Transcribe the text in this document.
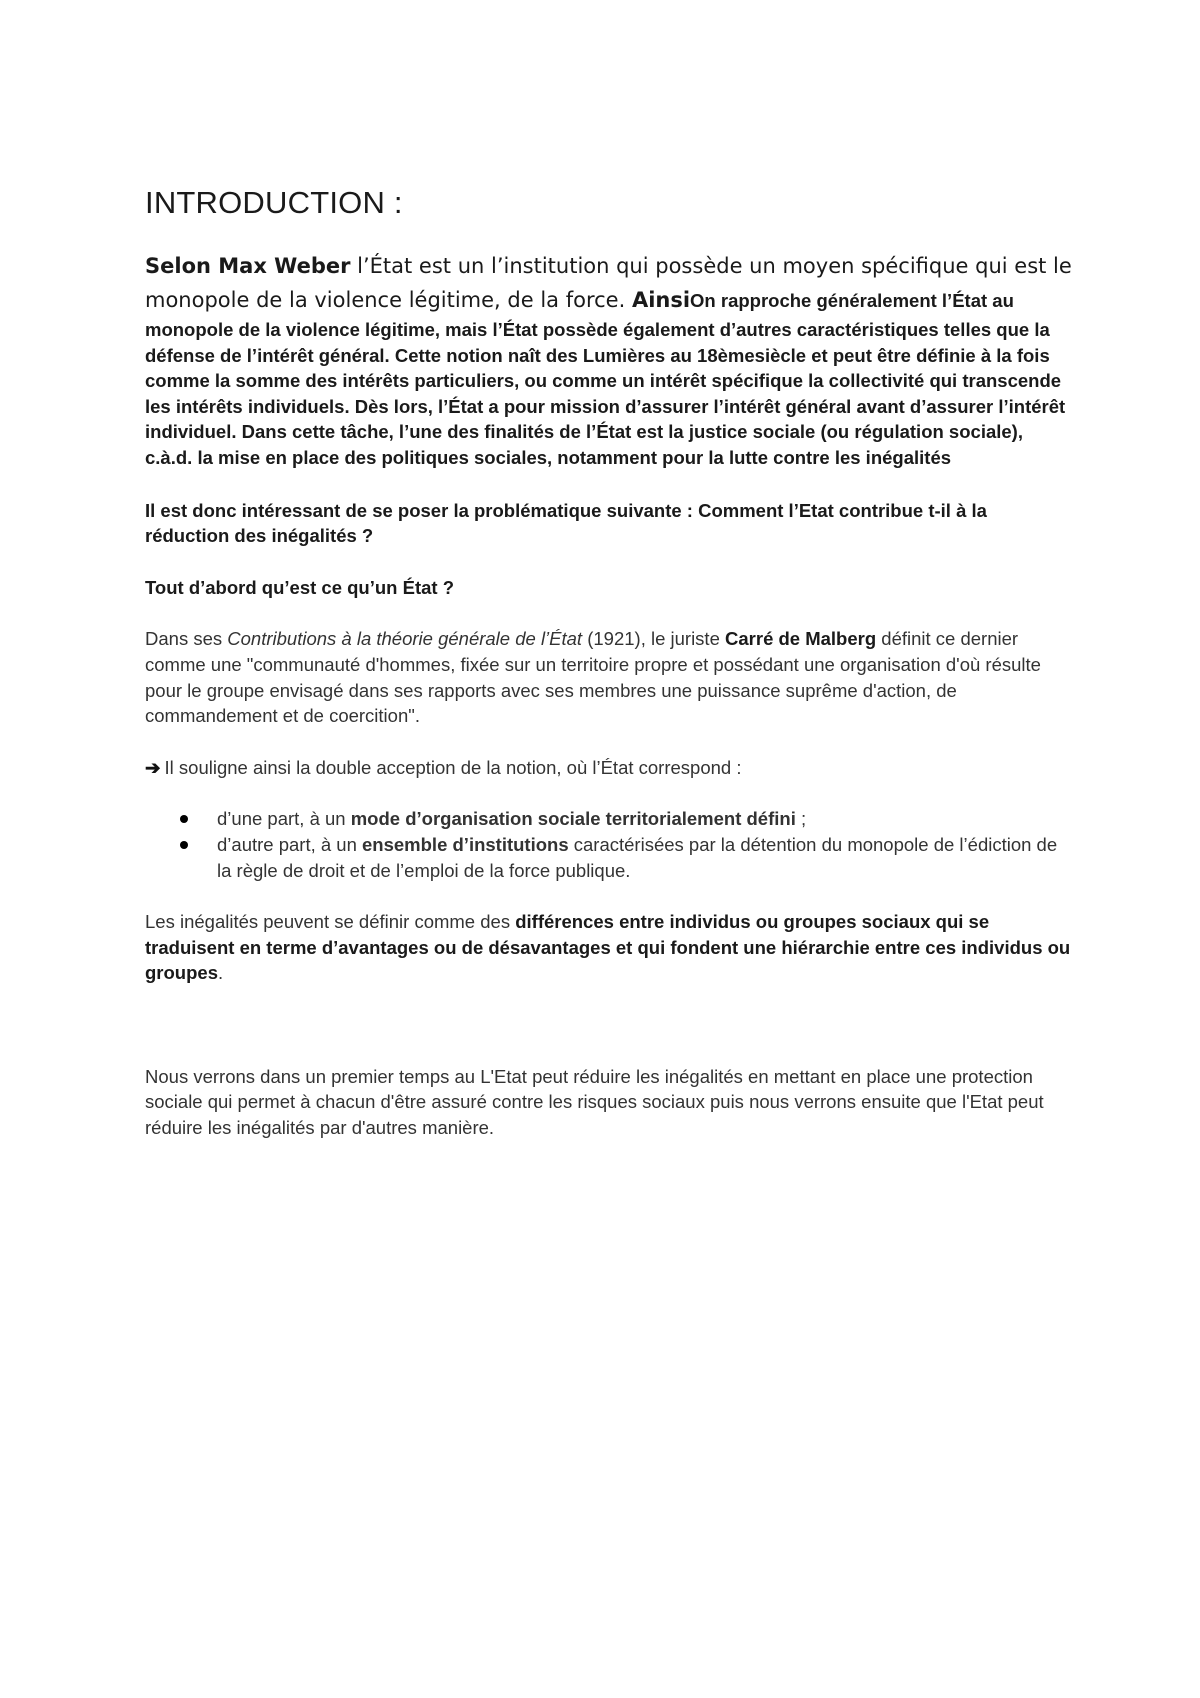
INTRODUCTION :

Selon Max Weber l’État est un l’institution qui possède un moyen spécifique qui est le monopole de la violence légitime, de la force. AinsiOn rapproche généralement l’État au monopole de la violence légitime, mais l’État possède également d’autres caractéristiques telles que la défense de l’intérêt général. Cette notion naît des Lumières au 18èmesiècle et peut être définie à la fois comme la somme des intérêts particuliers, ou comme un intérêt spécifique la collectivité qui transcende les intérêts individuels. Dès lors, l’État a pour mission d’assurer l’intérêt général avant d’assurer l’intérêt individuel. Dans cette tâche, l’une des finalités de l’État est la justice sociale (ou régulation sociale), c.à.d. la mise en place des politiques sociales, notamment pour la lutte contre les inégalités

Il est donc intéressant de se poser la problématique suivante : Comment l’Etat contribue t-il à la réduction des inégalités ?

Tout d’abord qu’est ce qu’un État ?

Dans ses Contributions à la théorie générale de l’État (1921), le juriste Carré de Malberg définit ce dernier comme une "communauté d'hommes, fixée sur un territoire propre et possédant une organisation d'où résulte pour le groupe envisagé dans ses rapports avec ses membres une puissance suprême d'action, de commandement et de coercition".

➔ Il souligne ainsi la double acception de la notion, où l’État correspond :

d’une part, à un mode d’organisation sociale territorialement défini ;
d’autre part, à un ensemble d’institutions caractérisées par la détention du monopole de l’édiction de la règle de droit et de l’emploi de la force publique.

Les inégalités peuvent se définir comme des différences entre individus ou groupes sociaux qui se traduisent en terme d’avantages ou de désavantages et qui fondent une hiérarchie entre ces individus ou groupes.

Nous verrons dans un premier temps au L'Etat peut réduire les inégalités en mettant en place une protection sociale qui permet à chacun d'être assuré contre les risques sociaux puis nous verrons ensuite que l'Etat peut réduire les inégalités par d'autres manière.
